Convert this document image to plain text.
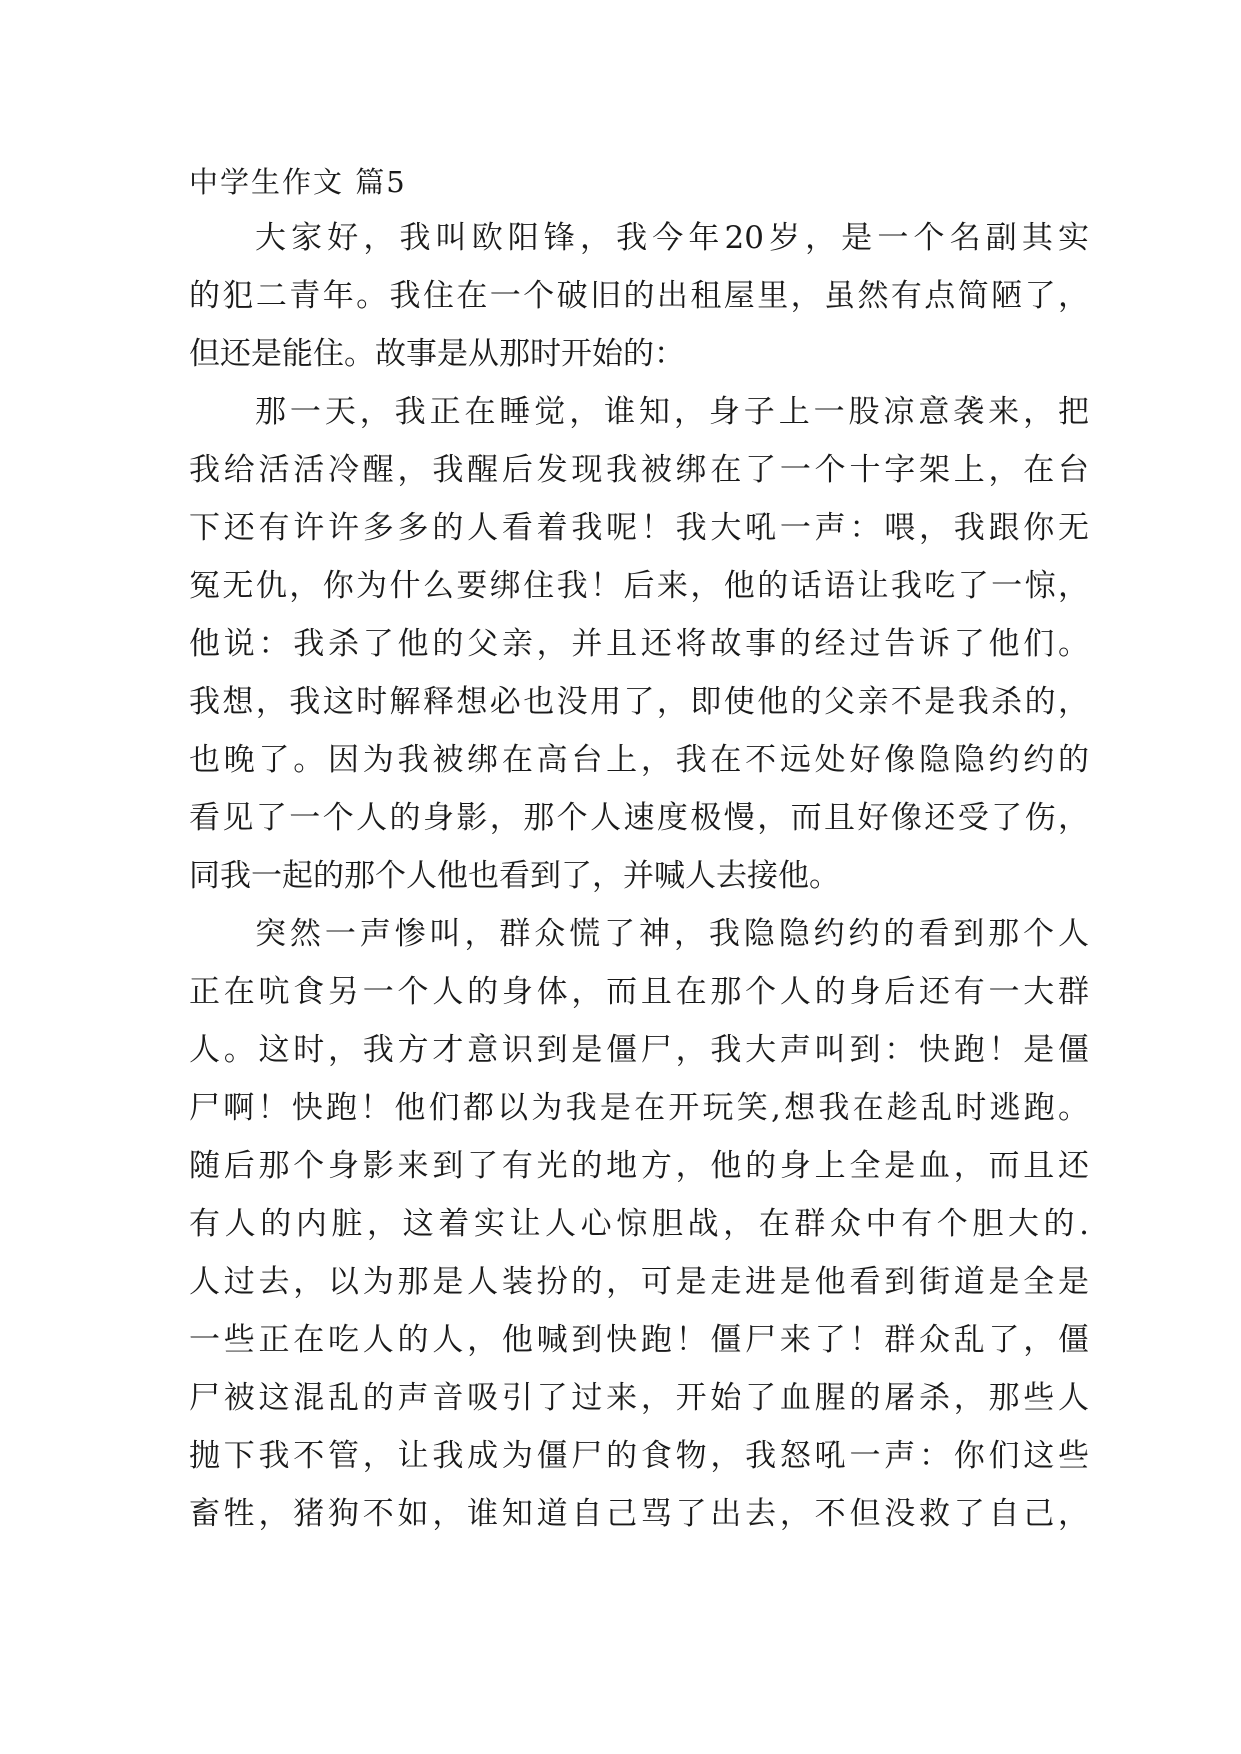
中学生作文 篇5
大家好，我叫欧阳锋，我今年20岁，是一个名副其实
的犯二青年。我住在一个破旧的出租屋里，虽然有点简陋了，
但还是能住。故事是从那时开始的：
那一天，我正在睡觉，谁知，身子上一股凉意袭来，把
我给活活冷醒，我醒后发现我被绑在了一个十字架上，在台
下还有许许多多的人看着我呢！我大吼一声：喂，我跟你无
冤无仇，你为什么要绑住我！后来，他的话语让我吃了一惊，
他说：我杀了他的父亲，并且还将故事的经过告诉了他们。
我想，我这时解释想必也没用了，即使他的父亲不是我杀的，
也晚了。因为我被绑在高台上，我在不远处好像隐隐约约的
看见了一个人的身影，那个人速度极慢，而且好像还受了伤，
同我一起的那个人他也看到了，并喊人去接他。
突然一声惨叫，群众慌了神，我隐隐约约的看到那个人
正在吭食另一个人的身体，而且在那个人的身后还有一大群
人。这时，我方才意识到是僵尸，我大声叫到：快跑！是僵
尸啊！快跑！他们都以为我是在开玩笑,想我在趁乱时逃跑。
随后那个身影来到了有光的地方，他的身上全是血，而且还
有人的内脏，这着实让人心惊胆战，在群众中有个胆大的.
人过去，以为那是人装扮的，可是走进是他看到街道是全是
一些正在吃人的人，他喊到快跑！僵尸来了！群众乱了，僵
尸被这混乱的声音吸引了过来，开始了血腥的屠杀，那些人
抛下我不管，让我成为僵尸的食物，我怒吼一声：你们这些
畜牲，猪狗不如，谁知道自己骂了出去，不但没救了自己，
